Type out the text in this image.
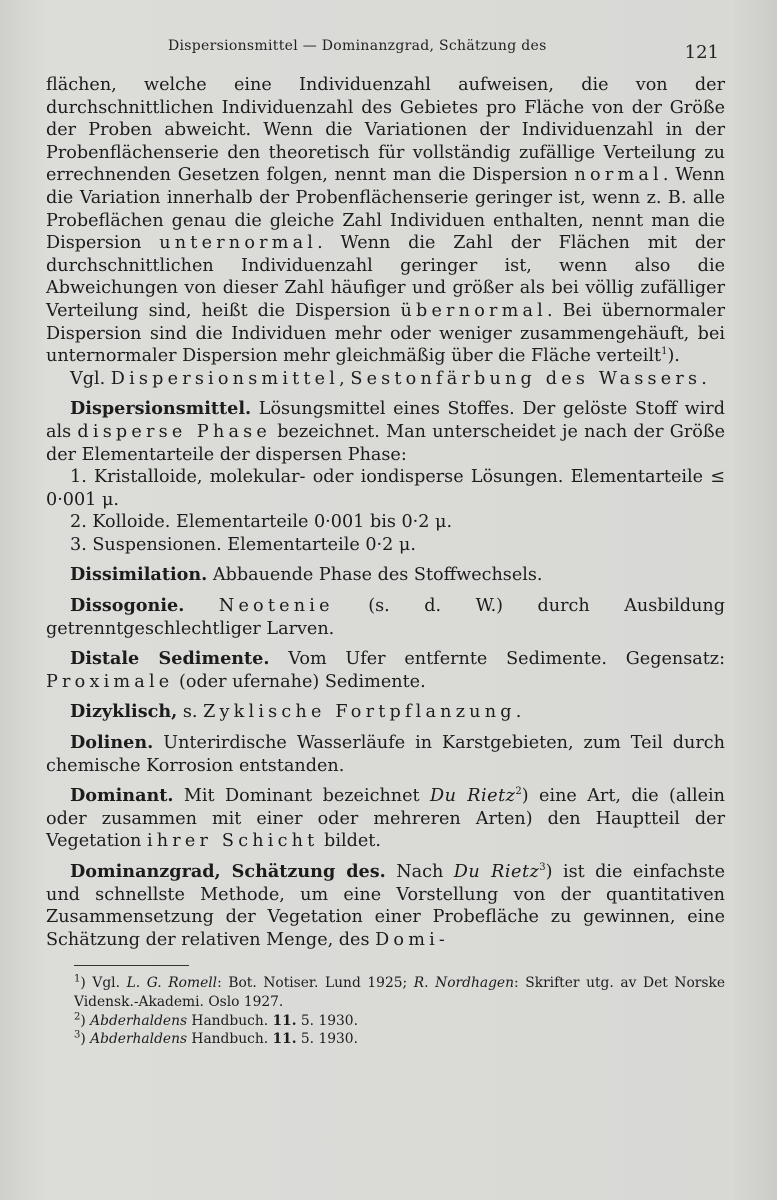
Dispersionsmittel — Dominanzgrad, Schätzung des	121

flächen, welche eine Individuenzahl aufweisen, die von der durchschnittlichen Individuenzahl des Gebietes pro Fläche von der Größe der Proben abweicht. Wenn die Variationen der Individuenzahl in der Probenflächenserie den theoretisch für vollständig zufällige Verteilung zu errechnenden Gesetzen folgen, nennt man die Dispersion normal. Wenn die Variation innerhalb der Probenflächenserie geringer ist, wenn z. B. alle Probeflächen genau die gleiche Zahl Individuen enthalten, nennt man die Dispersion unternormal. Wenn die Zahl der Flächen mit der durchschnittlichen Individuenzahl geringer ist, wenn also die Abweichungen von dieser Zahl häufiger und größer als bei völlig zufälliger Verteilung sind, heißt die Dispersion übernormal. Bei übernormaler Dispersion sind die Individuen mehr oder weniger zusammengehäuft, bei unternormaler Dispersion mehr gleichmäßig über die Fläche verteilt$^1$).

Vgl. Dispersionsmittel, Sestonfärbung des Wassers.

Dispersionsmittel. Lösungsmittel eines Stoffes. Der gelöste Stoff wird als disperse Phase bezeichnet. Man unterscheidet je nach der Größe der Elementarteile der dispersen Phase:

1. Kristalloide, molekular- oder iondisperse Lösungen. Elementarteile ≤ 0·001 μ.

2. Kolloide. Elementarteile 0·001 bis 0·2 μ.

3. Suspensionen. Elementarteile 0·2 μ.

Dissimilation. Abbauende Phase des Stoffwechsels.

Dissogonie. Neotenie (s. d. W.) durch Ausbildung getrenntgeschlechtliger Larven.

Distale Sedimente. Vom Ufer entfernte Sedimente. Gegensatz: Proximale (oder ufernahe) Sedimente.

Dizyklisch, s. Zyklische Fortpflanzung.

Dolinen. Unterirdische Wasserläufe in Karstgebieten, zum Teil durch chemische Korrosion entstanden.

Dominant. Mit Dominant bezeichnet Du Rietz$^2$) eine Art, die (allein oder zusammen mit einer oder mehreren Arten) den Hauptteil der Vegetation ihrer Schicht bildet.

Dominanzgrad, Schätzung des. Nach Du Rietz$^3$) ist die einfachste und schnellste Methode, um eine Vorstellung von der quantitativen Zusammensetzung der Vegetation einer Probefläche zu gewinnen, eine Schätzung der relativen Menge, des Domi-

$^1$) Vgl. L. G. Romell: Bot. Notiser. Lund 1925; R. Nordhagen: Skrifter utg. av Det Norske Vidensk.-Akademi. Oslo 1927.

$^2$) Abderhaldens Handbuch. 11. 5. 1930.

$^3$) Abderhaldens Handbuch. 11. 5. 1930.
